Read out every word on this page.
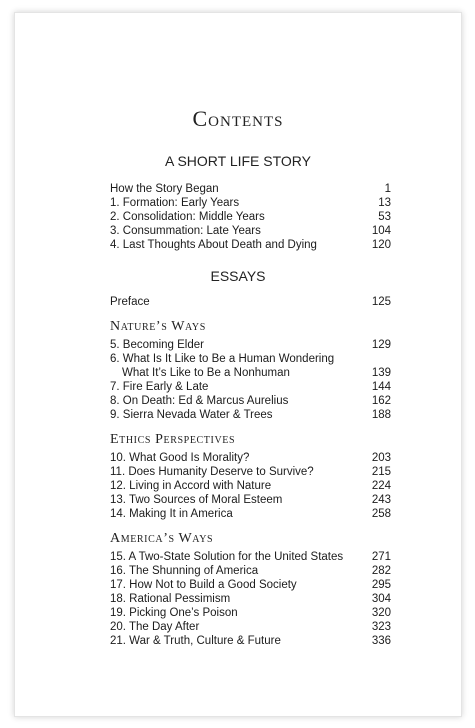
Contents
A SHORT LIFE STORY
How the Story Began	1
1. Formation: Early Years	13
2. Consolidation: Middle Years	53
3. Consummation: Late Years	104
4. Last Thoughts About Death and Dying	120
ESSAYS
Preface	125
Nature’s Ways
5. Becoming Elder	129
6. What Is It Like to Be a Human Wondering
What It’s Like to Be a Nonhuman	139
7. Fire Early & Late	144
8. On Death: Ed & Marcus Aurelius	162
9. Sierra Nevada Water & Trees	188
Ethics Perspectives
10. What Good Is Morality?	203
11. Does Humanity Deserve to Survive?	215
12. Living in Accord with Nature	224
13. Two Sources of Moral Esteem	243
14. Making It in America	258
America’s Ways
15. A Two-State Solution for the United States 271
16. The Shunning of America	282
17. How Not to Build a Good Society	295
18. Rational Pessimism	304
19. Picking One’s Poison	320
20. The Day After	323
21. War & Truth, Culture & Future	336
